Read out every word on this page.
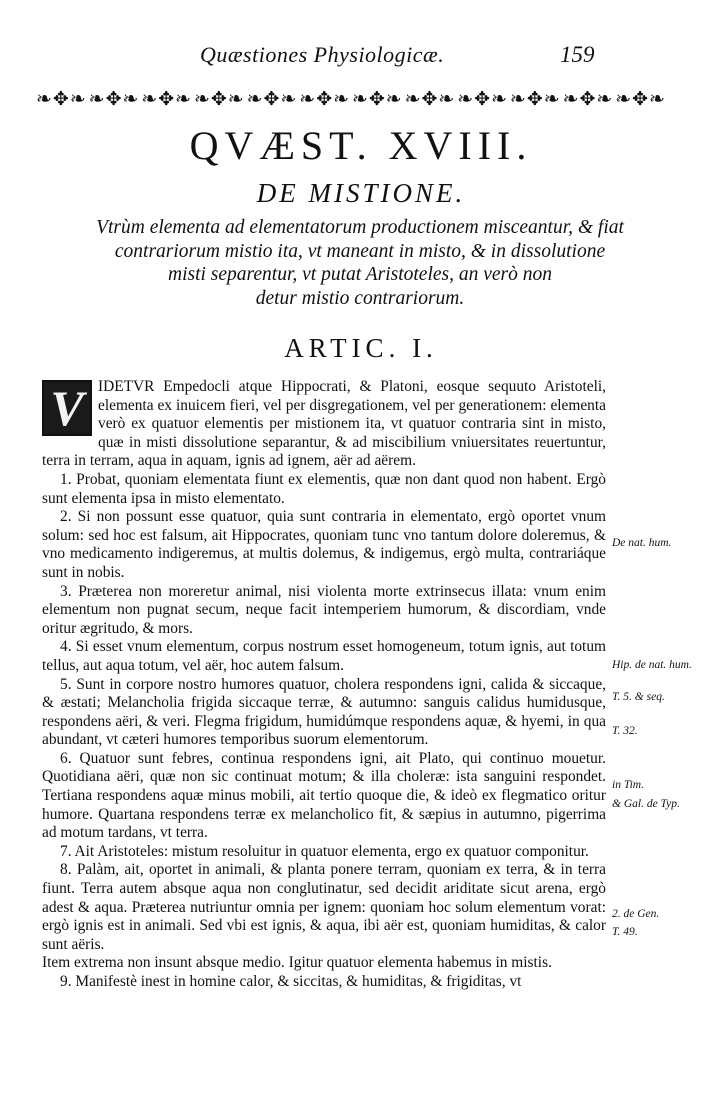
Quæstiones Physiologicæ.	159
❧✥❧ ❧✥❧ ❧✥❧ ❧✥❧ ❧✥❧ ❧✥❧ ❧✥❧ ❧✥❧ ❧✥❧ ❧✥❧ ❧✥❧ ❧✥❧
QVÆST. XVIII.
DE MISTIONE.
Vtrùm elementa ad elementatorum productionem misceantur, & fiat
contrariorum mistio ita, vt maneant in misto, & in dissolutione
misti separentur, vt putat Aristoteles, an verò non
detur mistio contrariorum.
ARTIC. I.

V IDETVR Empedocli atque Hippocrati, & Platoni, eosque sequuto Aristoteli, elementa ex inuicem fieri, vel per disgregationem, vel per generationem: elementa verò ex quatuor elementis per mistionem ita, vt quatuor contraria sint in misto, quæ in misti dissolutione separantur, & ad miscibilium vniuersitates reuertuntur, terra in terram, aqua in aquam, ignis ad ignem, aër ad aërem.

1. Probat, quoniam elementata fiunt ex elementis, quæ non dant quod non habent. Ergò sunt elementa ipsa in misto elementato.

2. Si non possunt esse quatuor, quia sunt contraria in elementato, ergò oportet vnum solum: sed hoc est falsum, ait Hippocrates, quoniam tunc vno tantum dolore doleremus, & vno medicamento indigeremus, at multis dolemus, & indigemus, ergò multa, contrariáque sunt in nobis.

3. Præterea non moreretur animal, nisi violenta morte extrinsecus illata: vnum enim elementum non pugnat secum, neque facit intemperiem humorum, & discordiam, vnde oritur ægritudo, & mors.

4. Si esset vnum elementum, corpus nostrum esset homogeneum, totum ignis, aut totum tellus, aut aqua totum, vel aër, hoc autem falsum.

5. Sunt in corpore nostro humores quatuor, cholera respondens igni, calida & siccaque, & æstati; Melancholia frigida siccaque terræ, & autumno: sanguis calidus humidusque, respondens aëri, & veri. Flegma frigidum, humidúmque respondens aquæ, & hyemi, in qua abundant, vt cæteri humores temporibus suorum elementorum.

6. Quatuor sunt febres, continua respondens igni, ait Plato, qui continuo mouetur. Quotidiana aëri, quæ non sic continuat motum; & illa choleræ: ista sanguini respondet. Tertiana respondens aquæ minus mobili, ait tertio quoque die, & ideò ex flegmatico oritur humore. Quartana respondens terræ ex melancholico fit, & sæpius in autumno, pigerrima ad motum tardans, vt terra.

7. Ait Aristoteles: mistum resoluitur in quatuor elementa, ergo ex quatuor componitur.

8. Palàm, ait, oportet in animali, & planta ponere terram, quoniam ex terra, & in terra fiunt. Terra autem absque aqua non conglutinatur, sed decidit ariditate sicut arena, ergò adest & aqua. Præterea nutriuntur omnia per ignem: quoniam hoc solum elementum vorat: ergò ignis est in animali. Sed vbi est ignis, & aqua, ibi aër est, quoniam humiditas, & calor sunt aëris.

Item extrema non insunt absque medio. Igitur quatuor elementa habemus in mistis.

9. Manifestè inest in homine calor, & siccitas, & humiditas, & frigiditas, vt

De nat. hum.
Hip. de nat. hum.
T. 5. & seq.
T. 32.
in Tim.
& Gal. de Typ.
2. de Gen.
T. 49.
